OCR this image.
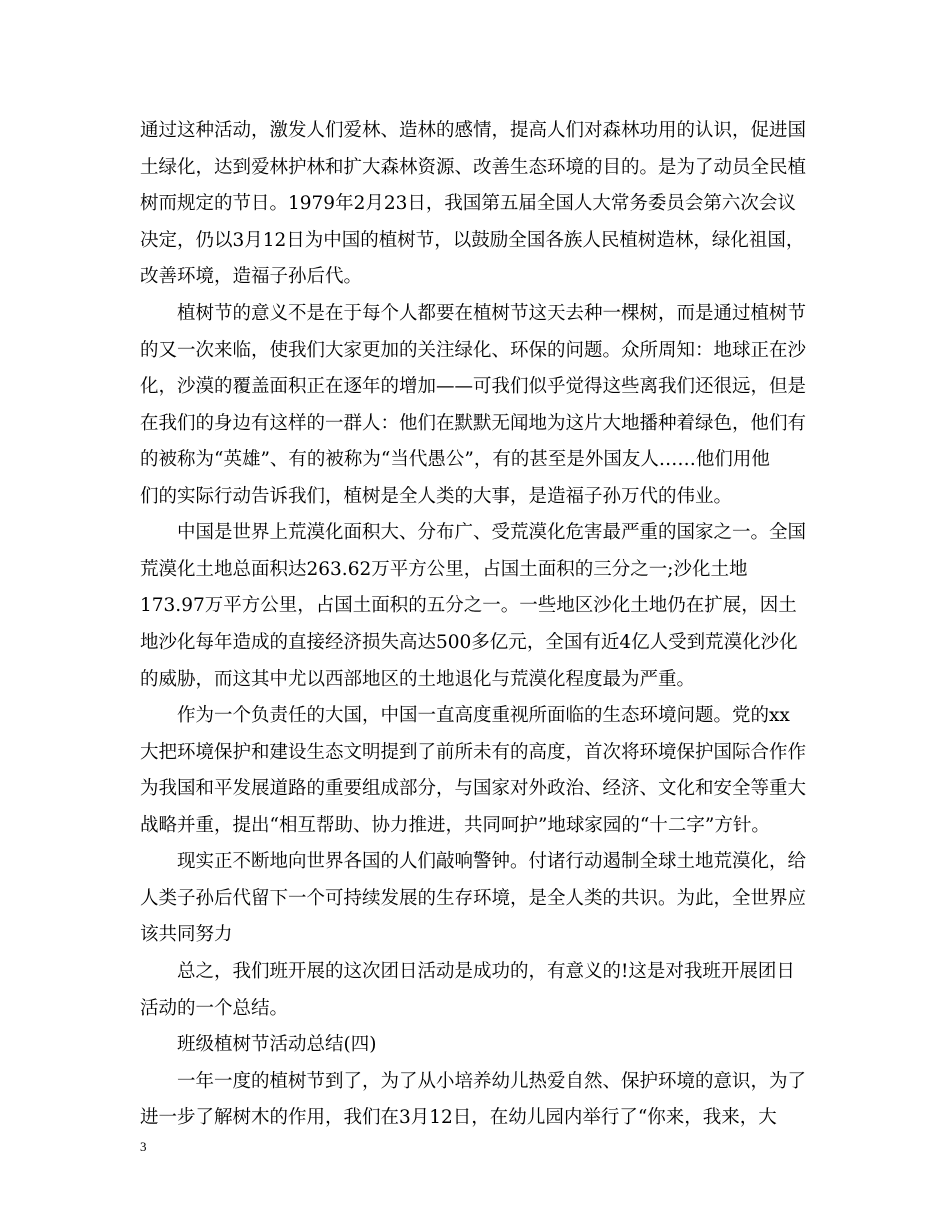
通过这种活动，激发人们爱林、造林的感情，提高人们对森林功用的认识，促进国
土绿化，达到爱林护林和扩大森林资源、改善生态环境的目的。是为了动员全民植
树而规定的节日。1979年2月23日，我国第五届全国人大常务委员会第六次会议
决定，仍以3月12日为中国的植树节，以鼓励全国各族人民植树造林，绿化祖国，
改善环境，造福子孙后代。
植树节的意义不是在于每个人都要在植树节这天去种一棵树，而是通过植树节
的又一次来临，使我们大家更加的关注绿化、环保的问题。众所周知：地球正在沙
化，沙漠的覆盖面积正在逐年的增加——可我们似乎觉得这些离我们还很远，但是
在我们的身边有这样的一群人：他们在默默无闻地为这片大地播种着绿色，他们有
的被称为“英雄”、有的被称为“当代愚公”，有的甚至是外国友人……他们用他
们的实际行动告诉我们，植树是全人类的大事，是造福子孙万代的伟业。
中国是世界上荒漠化面积大、分布广、受荒漠化危害最严重的国家之一。全国
荒漠化土地总面积达263.62万平方公里，占国土面积的三分之一;沙化土地
173.97万平方公里，占国土面积的五分之一。一些地区沙化土地仍在扩展，因土
地沙化每年造成的直接经济损失高达500多亿元，全国有近4亿人受到荒漠化沙化
的威胁，而这其中尤以西部地区的土地退化与荒漠化程度最为严重。
作为一个负责任的大国，中国一直高度重视所面临的生态环境问题。党的xx
大把环境保护和建设生态文明提到了前所未有的高度，首次将环境保护国际合作作
为我国和平发展道路的重要组成部分，与国家对外政治、经济、文化和安全等重大
战略并重，提出“相互帮助、协力推进，共同呵护”地球家园的“十二字”方针。
现实正不断地向世界各国的人们敲响警钟。付诸行动遏制全球土地荒漠化，给
人类子孙后代留下一个可持续发展的生存环境，是全人类的共识。为此，全世界应
该共同努力
总之，我们班开展的这次团日活动是成功的，有意义的!这是对我班开展团日
活动的一个总结。
班级植树节活动总结(四)
一年一度的植树节到了，为了从小培养幼儿热爱自然、保护环境的意识，为了
进一步了解树木的作用，我们在3月12日，在幼儿园内举行了“你来，我来，大
3
